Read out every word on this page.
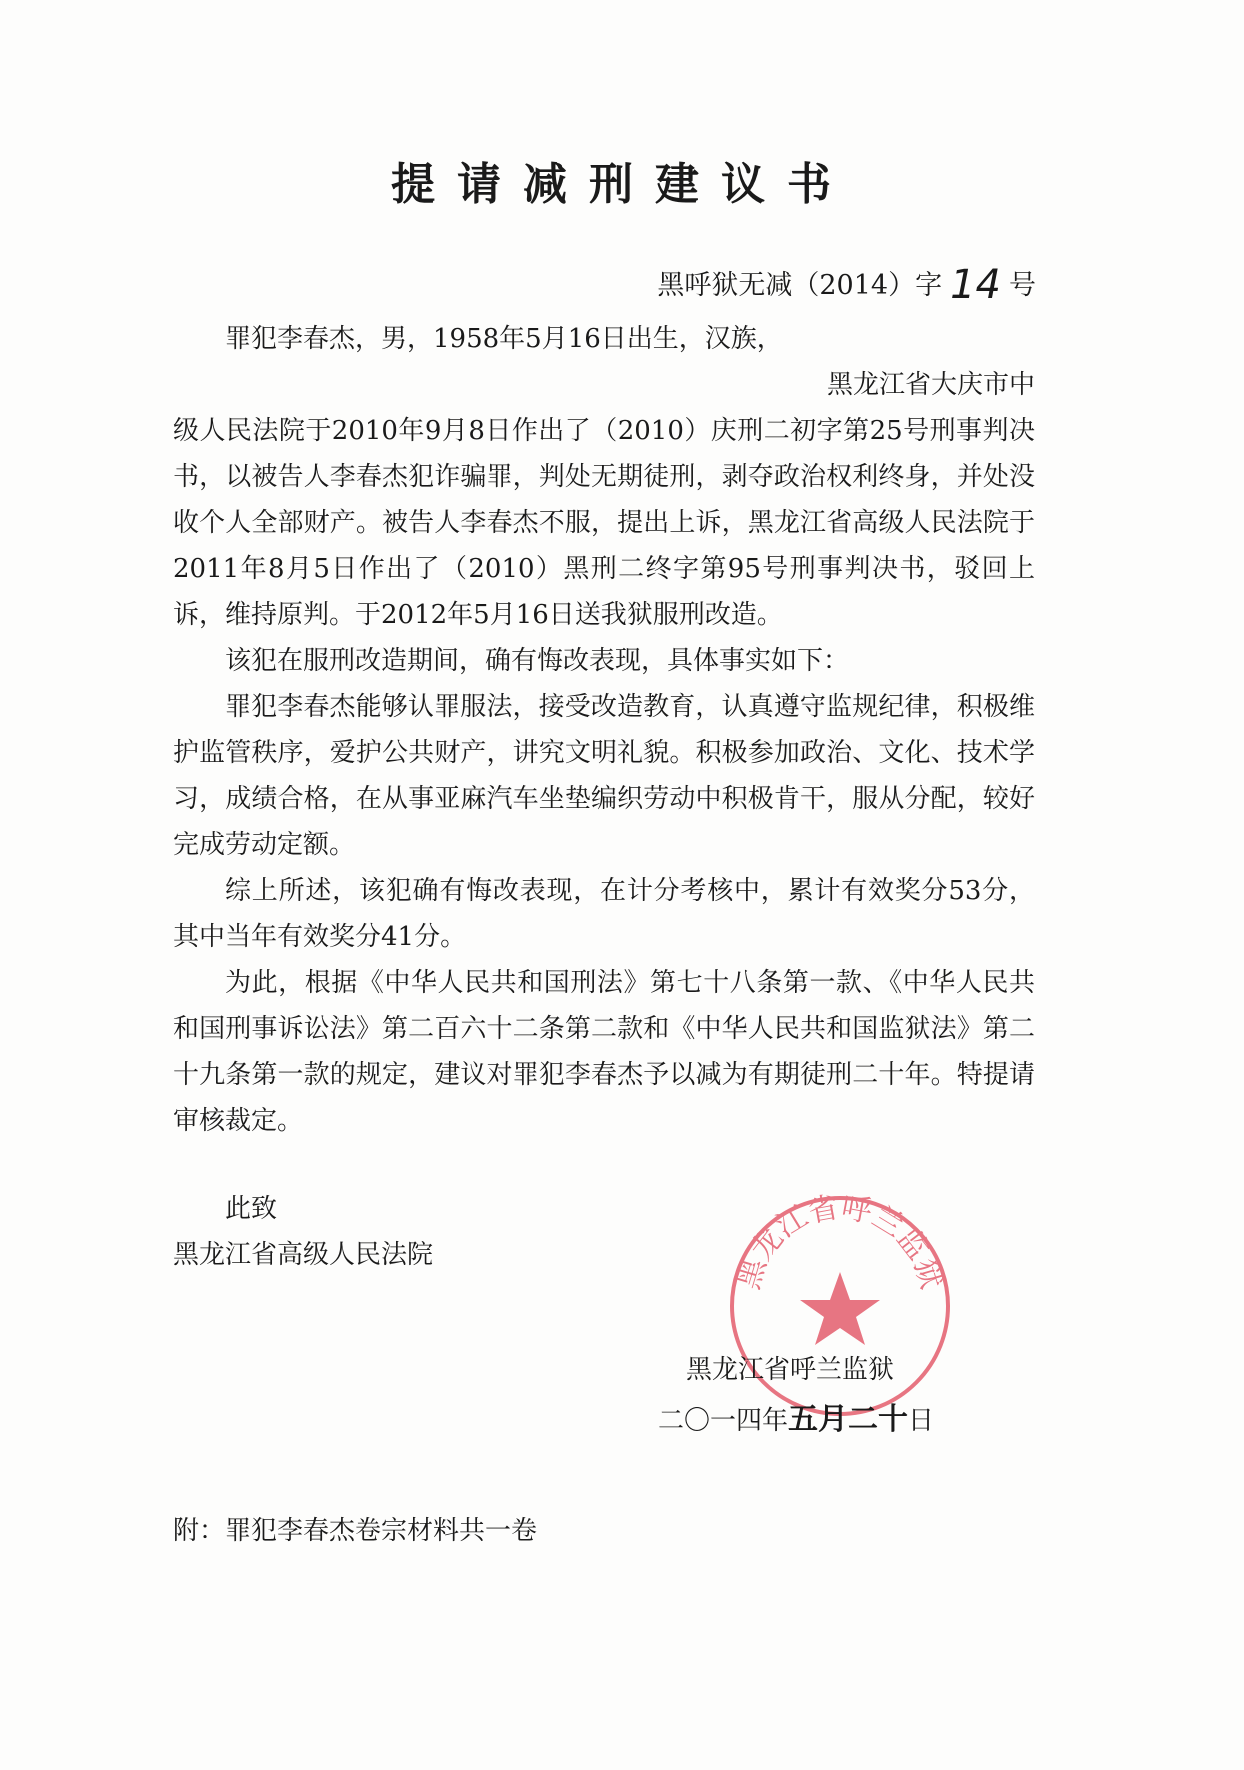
提请减刑建议书
黑呼狱无减（2014）字 14 号

罪犯李春杰，男，1958年5月16日出生，汉族，
黑龙江省大庆市中

级人民法院于2010年9月8日作出了（2010）庆刑二初字第25号刑事判决书，以被告人李春杰犯诈骗罪，判处无期徒刑，剥夺政治权利终身，并处没收个人全部财产。被告人李春杰不服，提出上诉，黑龙江省高级人民法院于2011年8月5日作出了（2010）黑刑二终字第95号刑事判决书，驳回上诉，维持原判。于2012年5月16日送我狱服刑改造。

该犯在服刑改造期间，确有悔改表现，具体事实如下：

罪犯李春杰能够认罪服法，接受改造教育，认真遵守监规纪律，积极维护监管秩序，爱护公共财产，讲究文明礼貌。积极参加政治、文化、技术学习，成绩合格，在从事亚麻汽车坐垫编织劳动中积极肯干，服从分配，较好完成劳动定额。

综上所述，该犯确有悔改表现，在计分考核中，累计有效奖分53分，其中当年有效奖分41分。

为此，根据《中华人民共和国刑法》第七十八条第一款、《中华人民共和国刑事诉讼法》第二百六十二条第二款和《中华人民共和国监狱法》第二十九条第一款的规定，建议对罪犯李春杰予以减为有期徒刑二十年。特提请审核裁定。

此致
黑龙江省高级人民法院	黑龙江省呼兰监狱
黑龙江省呼兰监狱
二〇一四年五月二十日
附：罪犯李春杰卷宗材料共一卷
